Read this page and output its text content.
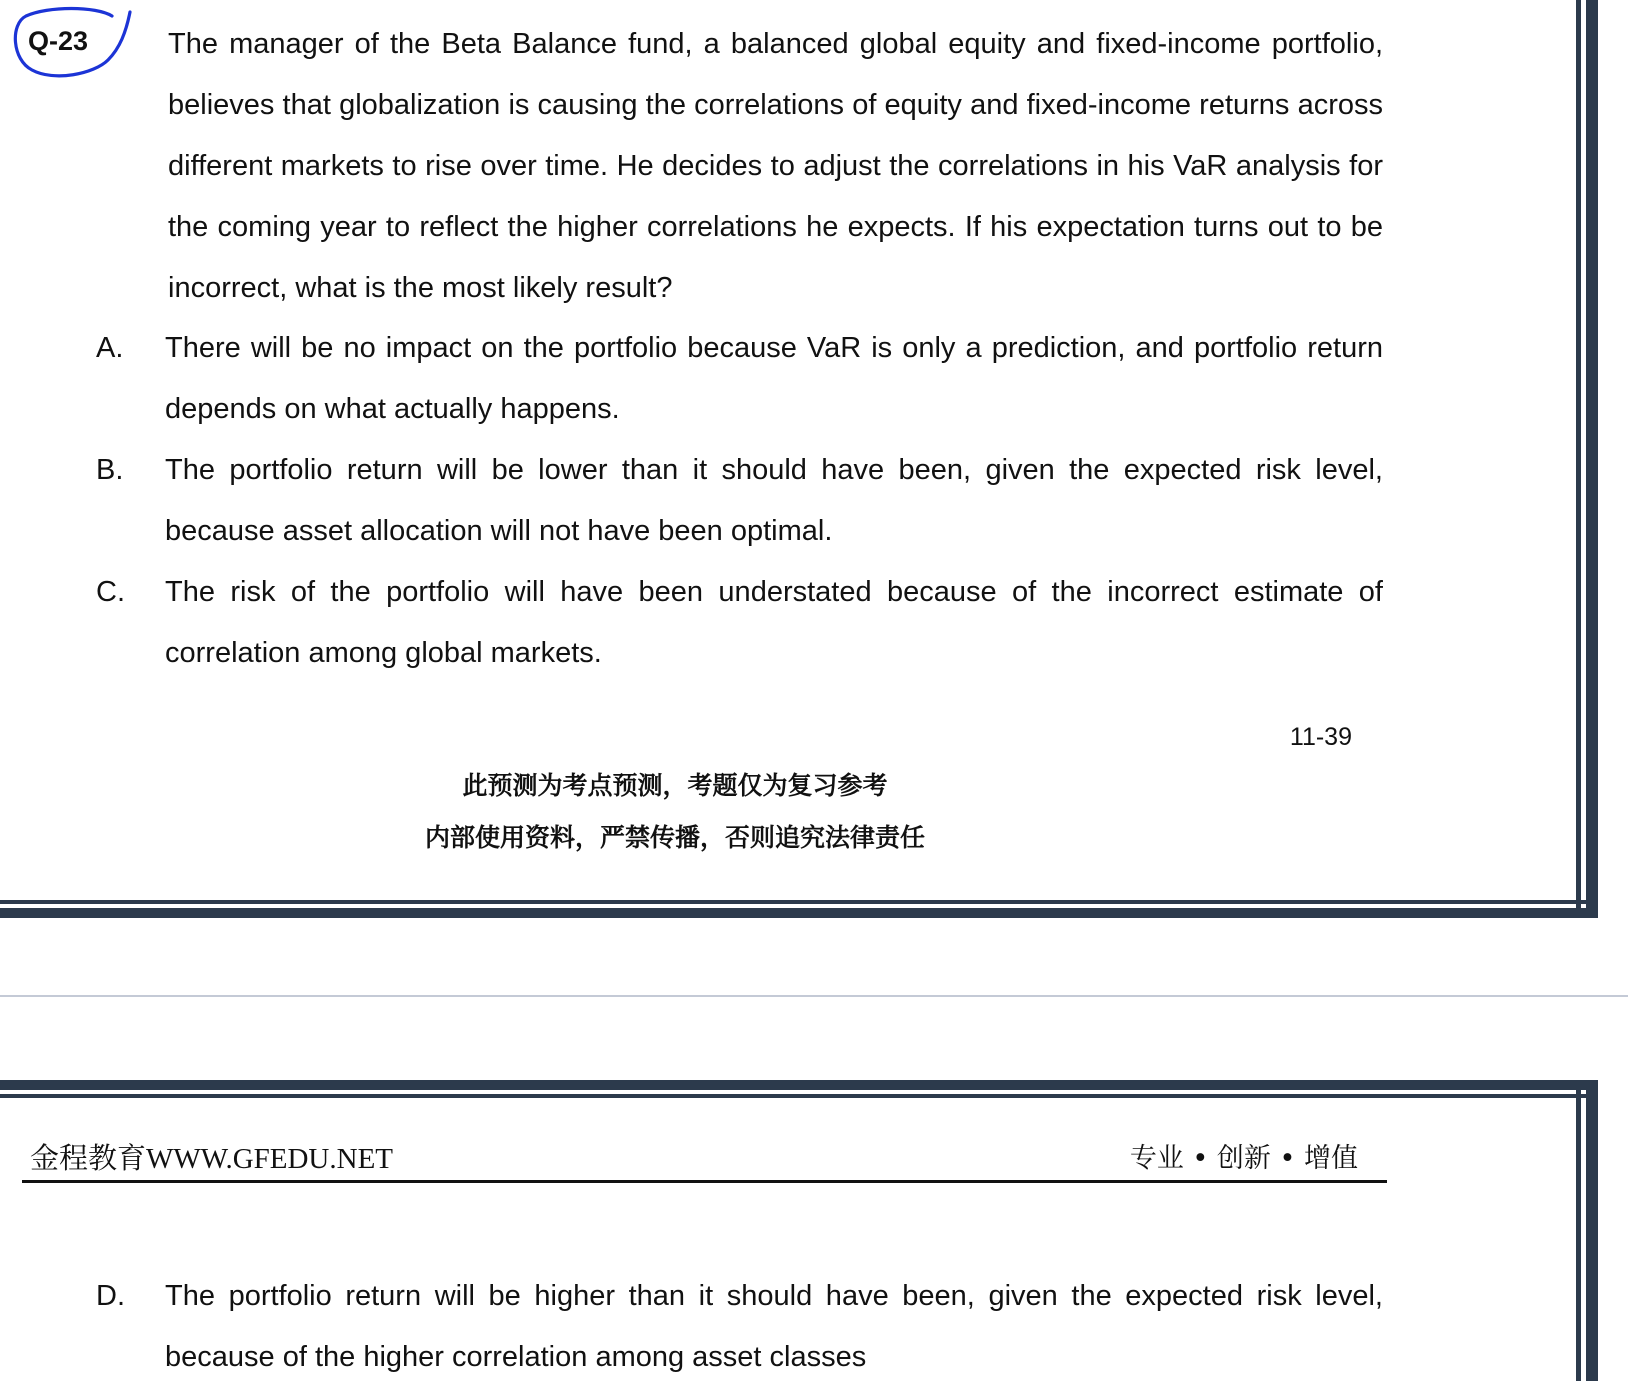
Q-23	The manager of the Beta Balance fund, a balanced global equity and fixed-income portfolio, believes that globalization is causing the correlations of equity and fixed-income returns across different markets to rise over time. He decides to adjust the correlations in his VaR analysis for the coming year to reflect the higher correlations he expects. If his expectation turns out to be incorrect, what is the most likely result?
A. There will be no impact on the portfolio because VaR is only a prediction, and portfolio return depends on what actually happens.
B. The portfolio return will be lower than it should have been, given the expected risk level, because asset allocation will not have been optimal.
C. The risk of the portfolio will have been understated because of the incorrect estimate of correlation among global markets.
11-39
此预测为考点预测，考题仅为复习参考
内部使用资料，严禁传播，否则追究法律责任
金程教育WWW.GFEDU.NET	专业 • 创新 • 增值
D. The portfolio return will be higher than it should have been, given the expected risk level, because of the higher correlation among asset classes
